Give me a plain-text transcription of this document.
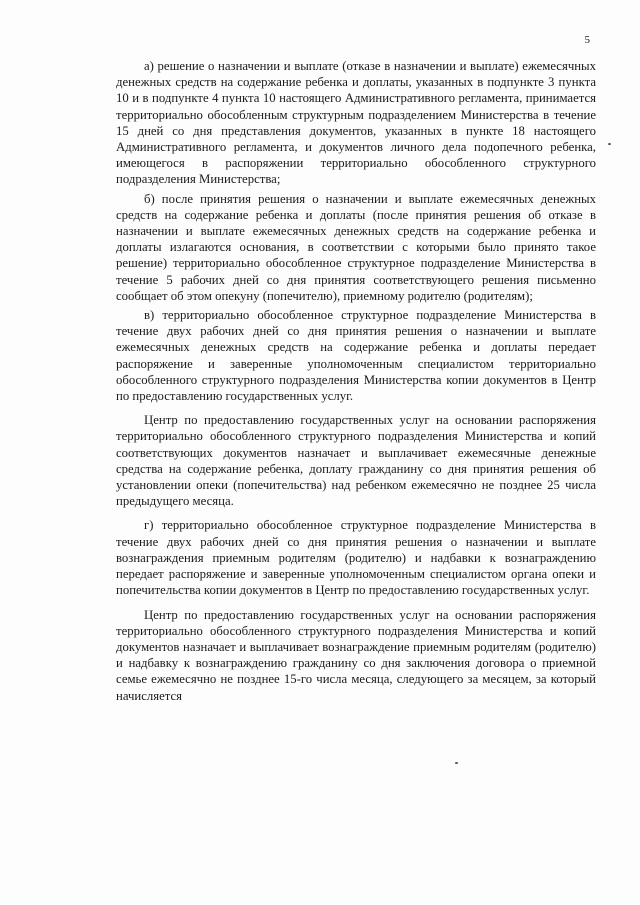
5

а) решение о назначении и выплате (отказе в назначении и выплате) ежемесячных денежных средств на содержание ребенка и доплаты, указанных в подпункте 3 пункта 10 и в подпункте 4 пункта 10 настоящего Административного регламента, принимается территориально обособленным структурным подразделением Министерства в течение 15 дней со дня представления документов, указанных в пункте 18 настоящего Административного регламента, и документов личного дела подопечного ребенка, имеющегося в распоряжении территориально обособленного структурного подразделения Министерства;

б) после принятия решения о назначении и выплате ежемесячных денежных средств на содержание ребенка и доплаты (после принятия решения об отказе в назначении и выплате ежемесячных денежных средств на содержание ребенка и доплаты излагаются основания, в соответствии с которыми было принято такое решение) территориально обособленное структурное подразделение Министерства в течение 5 рабочих дней со дня принятия соответствующего решения письменно сообщает об этом опекуну (попечителю), приемному родителю (родителям);

в) территориально обособленное структурное подразделение Министерства в течение двух рабочих дней со дня принятия решения о назначении и выплате ежемесячных денежных средств на содержание ребенка и доплаты передает распоряжение и заверенные уполномоченным специалистом территориально обособленного структурного подразделения Министерства копии документов в Центр по предоставлению государственных услуг.

Центр по предоставлению государственных услуг на основании распоряжения территориально обособленного структурного подразделения Министерства и копий соответствующих документов назначает и выплачивает ежемесячные денежные средства на содержание ребенка, доплату гражданину со дня принятия решения об установлении опеки (попечительства) над ребенком ежемесячно не позднее 25 числа предыдущего месяца.

г) территориально обособленное структурное подразделение Министерства в течение двух рабочих дней со дня принятия решения о назначении и выплате вознаграждения приемным родителям (родителю) и надбавки к вознаграждению передает распоряжение и заверенные уполномоченным специалистом органа опеки и попечительства копии документов в Центр по предоставлению государственных услуг.

Центр по предоставлению государственных услуг на основании распоряжения территориально обособленного структурного подразделения Министерства и копий документов назначает и выплачивает вознаграждение приемным родителям (родителю) и надбавку к вознаграждению гражданину со дня заключения договора о приемной семье ежемесячно не позднее 15-го числа месяца, следующего за месяцем, за который начисляется
